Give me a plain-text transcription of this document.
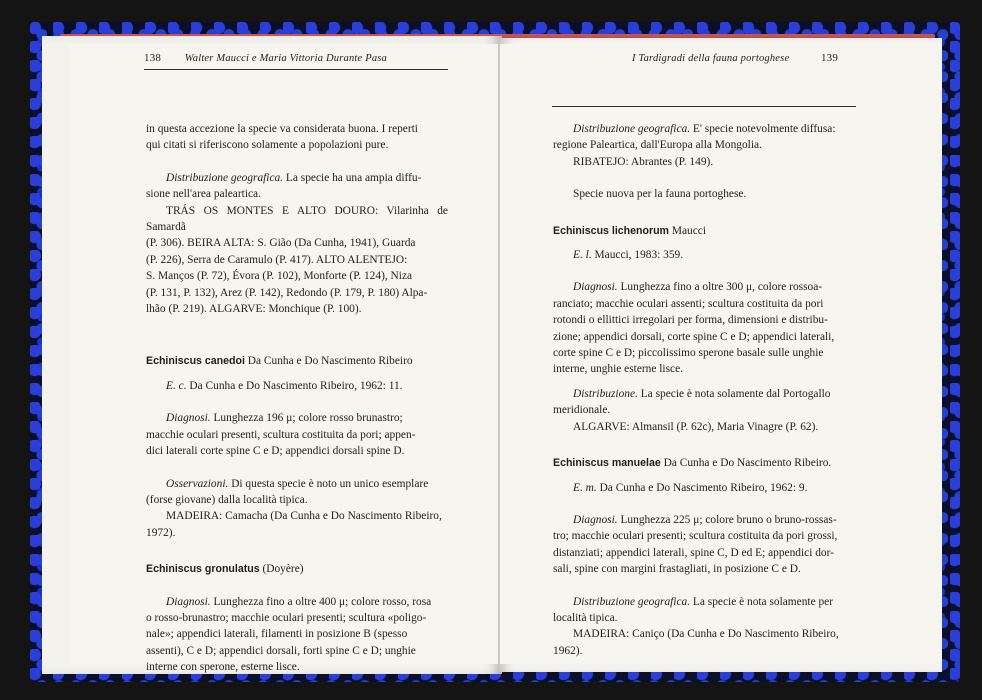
138 Walter Maucci e Maria Vittoria Durante Pasa	I Tardigradi della fauna portoghese	139

in questa accezione la specie va considerata buona. I reperti

qui citati si riferiscono solamente a popolazioni pure.

Distribuzione geografica. La specie ha una ampia diffu-

sione nell'area paleartica.

TRÁS OS MONTES E ALTO DOURO: Vilarinha de Samardã

(P. 306). BEIRA ALTA: S. Gião (Da Cunha, 1941), Guarda

(P. 226), Serra de Caramulo (P. 417). ALTO ALENTEJO:

S. Manços (P. 72), Évora (P. 102), Monforte (P. 124), Niza

(P. 131, P. 132), Arez (P. 142), Redondo (P. 179, P. 180) Alpa-

lhão (P. 219). ALGARVE: Monchique (P. 100).

Echiniscus canedoi Da Cunha e Do Nascimento Ribeiro

E. c. Da Cunha e Do Nascimento Ribeiro, 1962: 11.

Diagnosi. Lunghezza 196 μ; colore rosso brunastro;

macchie oculari presenti, scultura costituita da pori; appen-

dici laterali corte spine C e D; appendici dorsali spine D.

Osservazioni. Di questa specie è noto un unico esemplare

(forse giovane) dalla località tipica.

MADEIRA: Camacha (Da Cunha e Do Nascimento Ribeiro,

1972).

Echiniscus gronulatus (Doyère)

Diagnosi. Lunghezza fino a oltre 400 μ; colore rosso, rosa

o rosso-brunastro; macchie oculari presenti; scultura «poligo-

nale»; appendici laterali, filamenti in posizione B (spesso

assenti), C e D; appendici dorsali, forti spine C e D; unghie

interne con sperone, esterne lisce.

Distribuzione geografica. E' specie notevolmente diffusa:

regione Paleartica, dall'Europa alla Mongolia.

RIBATEJO: Abrantes (P. 149).

Specie nuova per la fauna portoghese.

Echiniscus lichenorum Maucci

E. l. Maucci, 1983: 359.

Diagnosi. Lunghezza fino a oltre 300 μ, colore rossoa-

ranciato; macchie oculari assenti; scultura costituita da pori

rotondi o ellittici irregolari per forma, dimensioni e distribu-

zione; appendici dorsali, corte spine C e D; appendici laterali,

corte spine C e D; piccolissimo sperone basale sulle unghie

interne, unghie esterne lisce.

Distribuzione. La specie è nota solamente dal Portogallo

meridionale.

ALGARVE: Almansil (P. 62c), Maria Vinagre (P. 62).

Echiniscus manuelae Da Cunha e Do Nascimento Ribeiro.

E. m. Da Cunha e Do Nascimento Ribeiro, 1962: 9.

Diagnosi. Lunghezza 225 μ; colore bruno o bruno-rossas-

tro; macchie oculari presenti; scultura costituita da pori grossi,

distanziati; appendici laterali, spine C, D ed E; appendici dor-

sali, spine con margini frastagliati, in posizione C e D.

Distribuzione geografica. La specie è nota solamente per

località tipica.

MADEIRA: Caniço (Da Cunha e Do Nascimento Ribeiro,

1962).
